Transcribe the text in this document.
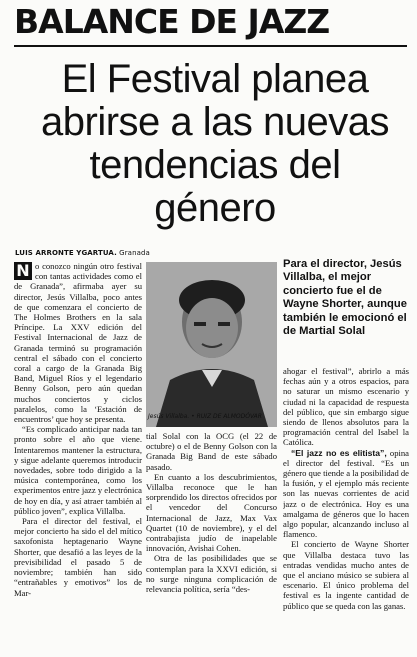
BALANCE DE JAZZ
El Festival planea abrirse a las nuevas tendencias del género
LUIS ARRONTE YGARTUA. Granada

N o conozco ningún otro festival con tantas actividades como el de Granada”, afirmaba ayer su director, Jesús Villalba, poco antes de que comenzara el concierto de The Holmes Brothers en la sala Príncipe. La XXV edición del Festival Internacional de Jazz de Granada terminó su programación central el sábado con el concierto coral a cargo de la Granada Big Band, Miguel Ríos y el legendario Benny Golson, pero aún quedan muchos conciertos y ciclos paralelos, como la ‘Estación de encuentros’ que hoy se presenta.

“Es complicado anticipar nada tan pronto sobre el año que viene. Intentaremos mantener la estructura, y sigue adelante queremos introducir novedades, sobre todo dirigido a la música contemporánea, como los experimentos entre jazz y electrónica de hoy en día, y así atraer también al público joven”, explica Villalba.

Para el director del festival, el mejor concierto ha sido el del mítico saxofonista heptagenario Wayne Shorter, que desafió a las leyes de la previsibilidad el pasado 5 de noviembre; también han sido “entrañables y emotivos” los de Mar-

Jesús Villalba. • RUIZ DE ALMODÓVAR
Para el director, Jesús Villalba, el mejor concierto fue el de Wayne Shorter, aunque también le emocionó el de Martial Solal

tial Solal con la OCG (el 22 de octubre) o el de Benny Golson con la Granada Big Band de este sábado pasado.

En cuanto a los descubrimientos, Villalba reconoce que le han sorprendido los directos ofrecidos por el vencedor del Concurso Internacional de Jazz, Max Vax Quartet (10 de noviembre), y el del contrabajista judío de inapelable innovación, Avishai Cohen.

Otra de las posibilidades que se contemplan para la XXVI edición, si no surge ninguna complicación de relevancia política, sería “des-

ahogar el festival”, abrirlo a más fechas aún y a otros espacios, para no saturar un mismo escenario y ciudad ni la capacidad de respuesta del público, que sin embargo sigue siendo de llenos absolutos para la programación central del Isabel la Católica.

“El jazz no es elitista”, opina el director del festival. “Es un género que tiende a la posibilidad de la fusión, y el ejemplo más reciente son las nuevas corrientes de acid jazz o de electrónica. Hoy es una amalgama de géneros que lo hacen algo popular, alcanzando incluso al flamenco.

El concierto de Wayne Shorter que Villalba destaca tuvo las entradas vendidas mucho antes de que el anciano músico se subiera al escenario. El único problema del festival es la ingente cantidad de público que se queda con las ganas.
